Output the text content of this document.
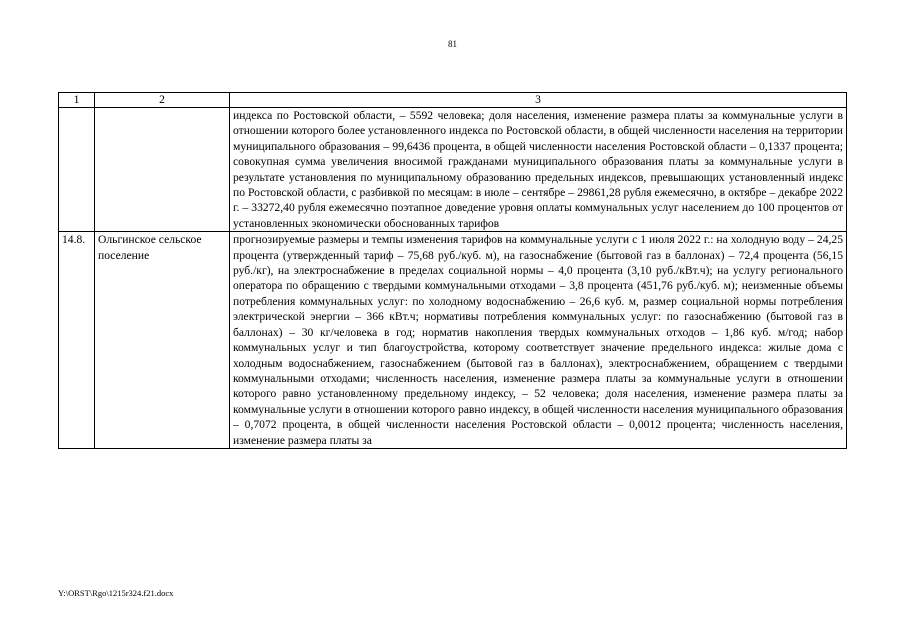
81
1	2	3
		индекса по Ростовской области, – 5592 человека; доля населения, изменение размера платы за коммунальные услуги в отношении которого более установленного индекса по Ростовской области, в общей численности населения на территории муниципального образования – 99,6436 процента, в общей численности населения Ростовской области – 0,1337 процента; совокупная сумма увеличения вносимой гражданами муниципального образования платы за коммунальные услуги в результате установления по муниципальному образованию предельных индексов, превышающих установленный индекс по Ростовской области, с разбивкой по месяцам: в июле – сентябре – 29861,28 рубля ежемесячно, в октябре – декабре 2022 г. – 33272,40 рубля ежемесячно поэтапное доведение уровня оплаты коммунальных услуг населением до 100 процентов от установленных экономически обоснованных тарифов
14.8.	Ольгинское сельское поселение	прогнозируемые размеры и темпы изменения тарифов на коммунальные услуги с 1 июля 2022 г.: на холодную воду – 24,25 процента (утвержденный тариф – 75,68 руб./куб. м), на газоснабжение (бытовой газ в баллонах) – 72,4 процента (56,15 руб./кг), на электроснабжение в пределах социальной нормы – 4,0 процента (3,10 руб./кВт.ч); на услугу регионального оператора по обращению с твердыми коммунальными отходами – 3,8 процента (451,76 руб./куб. м); неизменные объемы потребления коммунальных услуг: по холодному водоснабжению – 26,6 куб. м, размер социальной нормы потребления электрической энергии – 366 кВт.ч; нормативы потребления коммунальных услуг: по газоснабжению (бытовой газ в баллонах) – 30 кг/человека в год; норматив накопления твердых коммунальных отходов – 1,86 куб. м/год; набор коммунальных услуг и тип благоустройства, которому соответствует значение предельного индекса: жилые дома с холодным водоснабжением, газоснабжением (бытовой газ в баллонах), электроснабжением, обращением с твердыми коммунальными отходами; численность населения, изменение размера платы за коммунальные услуги в отношении которого равно установленному предельному индексу, – 52 человека; доля населения, изменение размера платы за коммунальные услуги в отношении которого равно индексу, в общей численности населения муниципального образования – 0,7072 процента, в общей численности населения Ростовской области – 0,0012 процента; численность населения, изменение размера платы за
Y:\ORST\Rgo\1215r324.f21.docx
